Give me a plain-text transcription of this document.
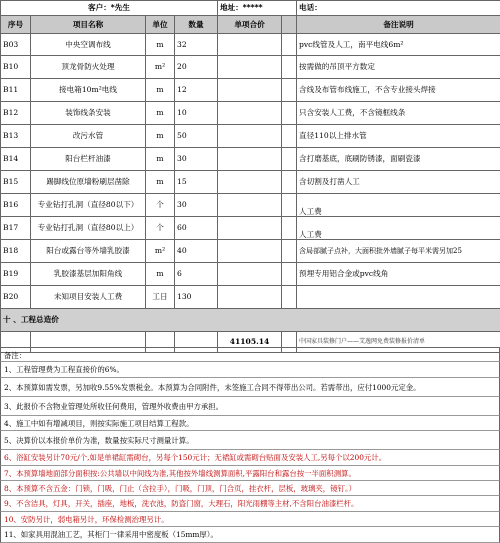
客户：*先生				地址：*****		电话：
序号	项目名称	单位	数量	单项合价		备注说明
B03	中央空调布线	m	32			pvc线管及人工，南平电线6m²
B10	顶龙骨防火处理	m²	20			按需做的吊顶平方数定
B11	接电箱10m²电线	m	12			含线及布管布线施工，不含专业接头焊接
B12	装饰线条安装	m	10			只含安装人工费，不含镜框线条
B13	改污水管	m	50			直径110以上排水管
B14	阳台栏杆油漆	m	30			含打磨基底，底刷防锈漆，面刷瓷漆
B15	踢脚线位原墙粉刷层凿除	m	15			含切割及打凿人工
B16	专业钻打孔洞（直径80以下）	个	30			人工费
B17	专业钻打孔洞（直径80以上）	个	60			人工费
B18	阳台或露台等外墙乳胶漆	m²	40			含局部腻子点补，大面积批外墙腻子每平米需另加25
B19	乳胶漆基层加阳角线	m	6			预埋专用铝合金或pvc线角
B20	未知项目安装人工费	工日	130			
十 、工程总造价						
				41105.14		中国家具装修门户——艾逸网免费装修报价清单
备注：
1、工程管理费为工程直接价的6%。
2、本预算如需发票，另加收9.55%发票税金。本预算为合同附件，未签施工合同不得带出公司。若需带出，应付1000元定金。
3、此报价不含物业管理处所收任何费用，管理外收费由甲方承担。
4、施工中如有增减项目，则按实际施工项目结算工程款。
5、决算价以本报价单价为准，数量按实际尺寸测量计算。
6、浴缸安装另计70元/个,如是单裙缸需砌台，另每个150元计；无裙缸或需砌台贴面及安装人工,另每个以200元计。
7、本预算墙地面部分面积按:公共墙以中间线为准,其他按外墙线测算面积,平露阳台和露台按一半面积测算。
8、本预算不含五金：门锁，门吸，门止（含拉手），门吸，门顶，门合页，挂衣杆，层板，玻璃夹，镜钉。）
9、不含洁具，灯具，开关，插座，地板，洗衣池，防盗门窗，大理石，阳光雨棚等主材,不含阳台油漆栏杆。
10、安防另计，弱电箱另计，环保检测治理另计。
11、如家具用混油工艺，其柜门一律采用中密度板（15mm厚）。
